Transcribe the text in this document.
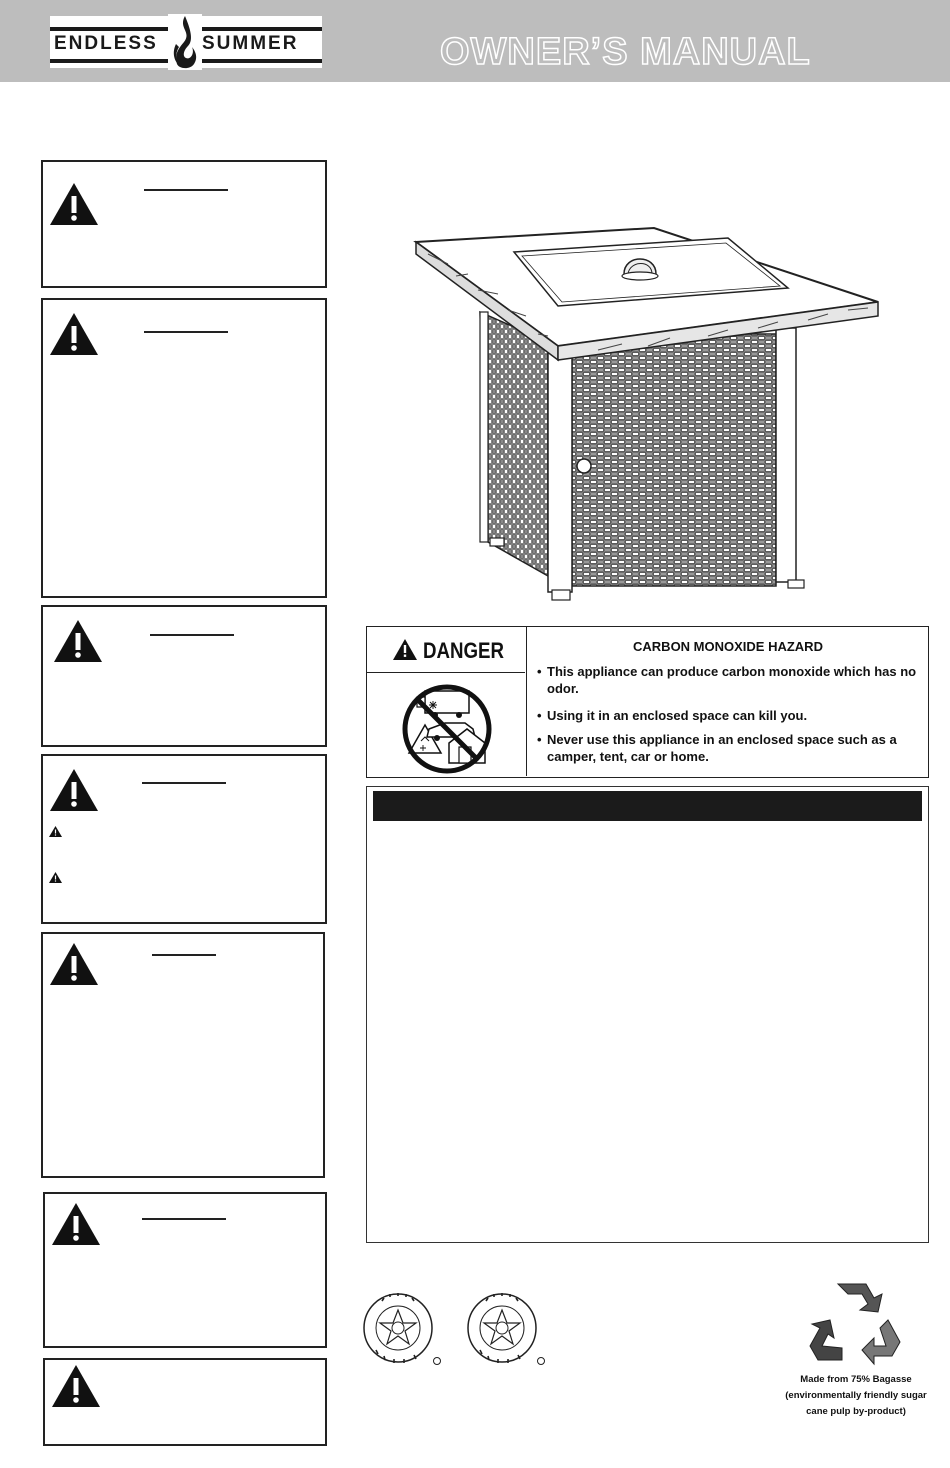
ENDLESS SUMMER	OWNER’S MANUAL
DANGER	CARBON MONOXIDE HAZARD
• This appliance can produce carbon monoxide which has no odor.
• Using it in an enclosed space can kill you.
• Never use this appliance in an enclosed space such as a camper, tent, car or home.
Made from 75% Bagasse
(environmentally friendly sugar cane pulp by-product)
